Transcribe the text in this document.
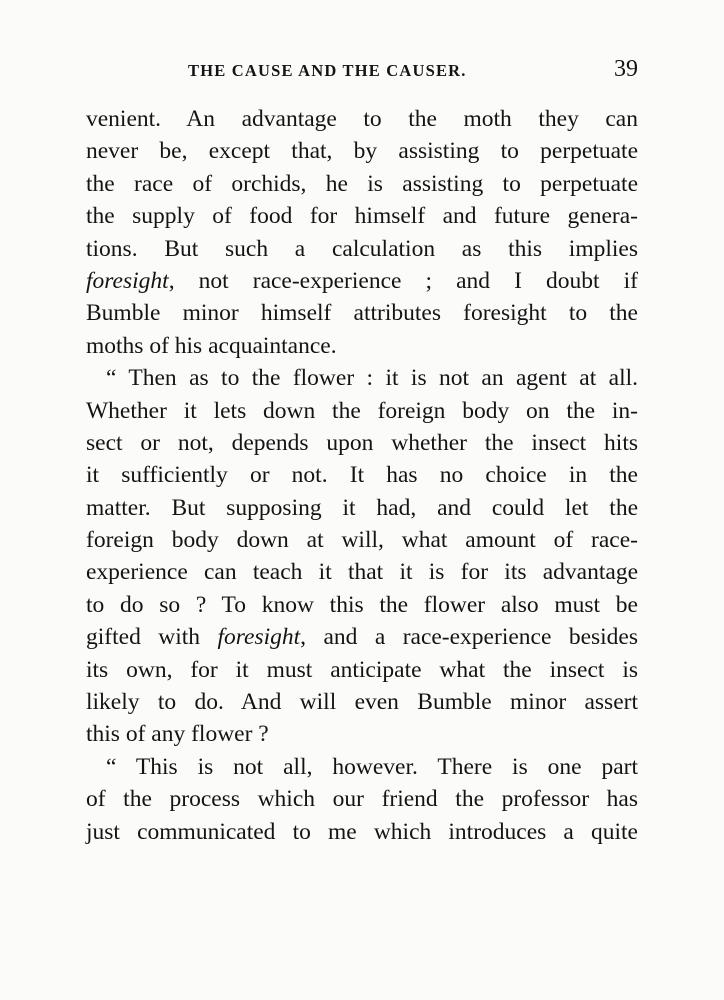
THE CAUSE AND THE CAUSER.	39
venient. An advantage to the moth they can
never be, except that, by assisting to perpetuate
the race of orchids, he is assisting to perpetuate
the supply of food for himself and future genera-
tions. But such a calculation as this implies
foresight, not race-experience ; and I doubt if
Bumble minor himself attributes foresight to the
moths of his acquaintance.
“ Then as to the flower : it is not an agent at all.
Whether it lets down the foreign body on the in-
sect or not, depends upon whether the insect hits
it sufficiently or not. It has no choice in the
matter. But supposing it had, and could let the
foreign body down at will, what amount of race-
experience can teach it that it is for its advantage
to do so ? To know this the flower also must be
gifted with foresight, and a race-experience besides
its own, for it must anticipate what the insect is
likely to do. And will even Bumble minor assert
this of any flower ?
“ This is not all, however. There is one part
of the process which our friend the professor has
just communicated to me which introduces a quite
